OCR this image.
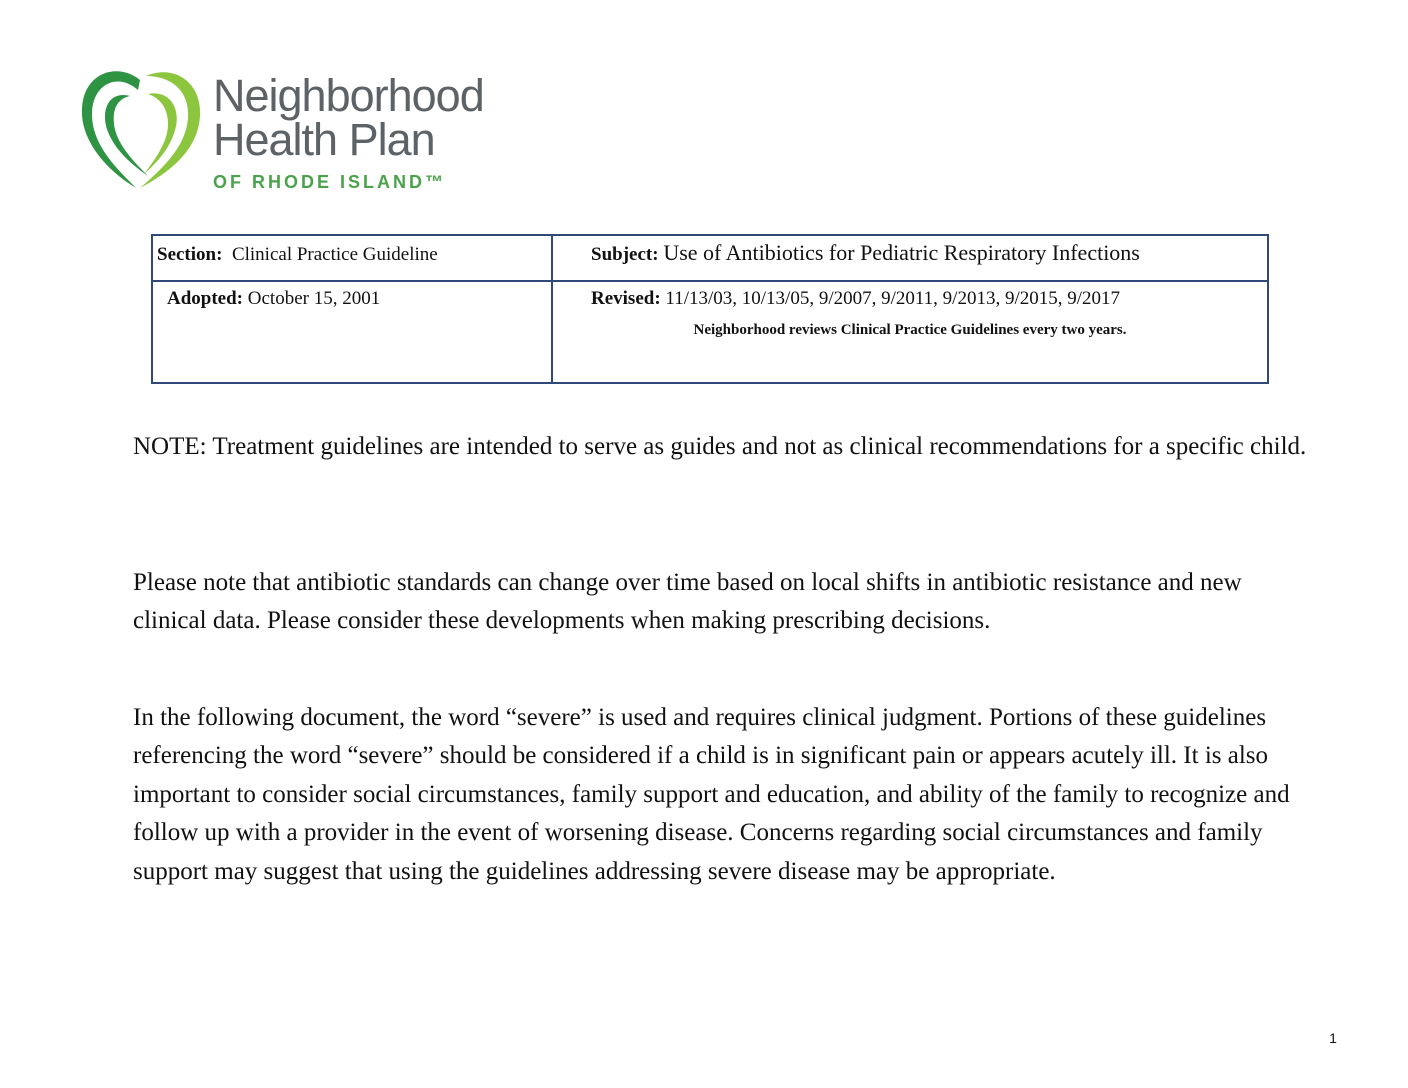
Neighborhood
Health Plan
OF RHODE ISLAND™
Section: Clinical Practice Guideline	Subject: Use of Antibiotics for Pediatric Respiratory Infections

Adopted: October 15, 2001	Revised: 11/13/03, 10/13/05, 9/2007, 9/2011, 9/2013, 9/2015, 9/2017
Neighborhood reviews Clinical Practice Guidelines every two years.

NOTE: Treatment guidelines are intended to serve as guides and not as clinical recommendations for a specific child.

Please note that antibiotic standards can change over time based on local shifts in antibiotic resistance and new clinical data. Please consider these developments when making prescribing decisions.

In the following document, the word “severe” is used and requires clinical judgment. Portions of these guidelines referencing the word “severe” should be considered if a child is in significant pain or appears acutely ill. It is also important to consider social circumstances, family support and education, and ability of the family to recognize and follow up with a provider in the event of worsening disease. Concerns regarding social circumstances and family support may suggest that using the guidelines addressing severe disease may be appropriate.

1
